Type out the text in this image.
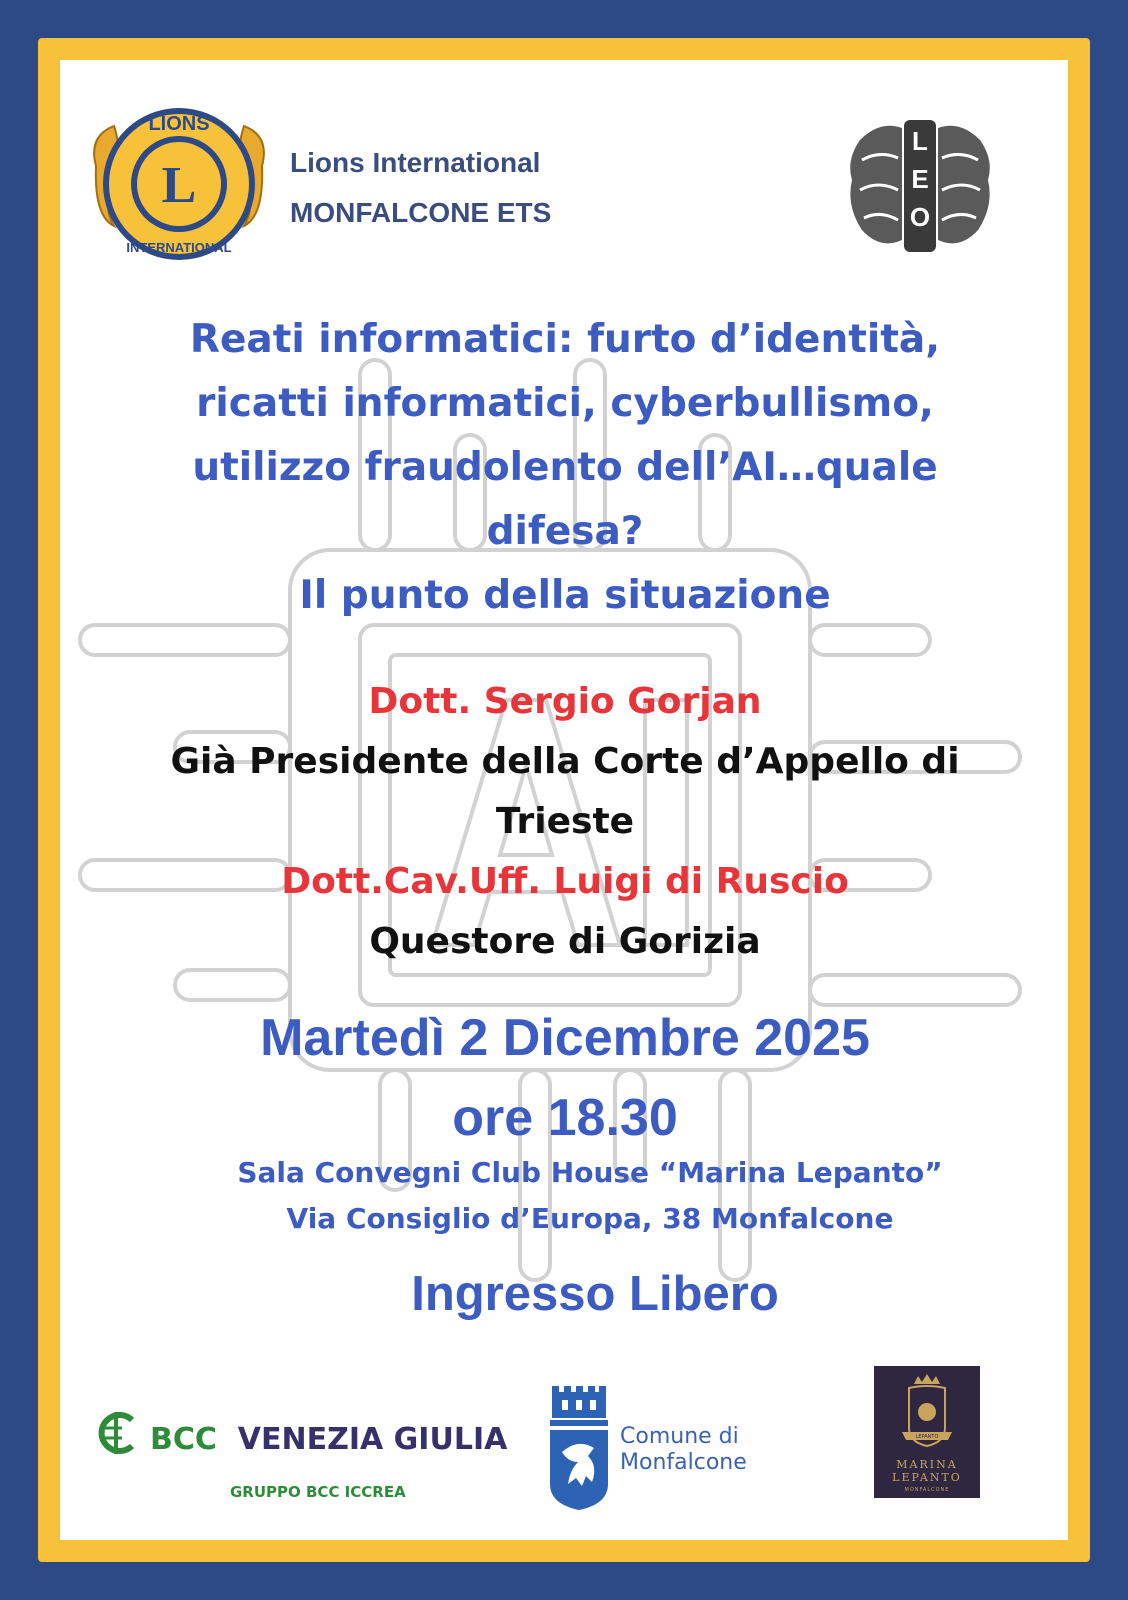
L
LIONS
INTERNATIONAL
Lions International
MONFALCONE ETS
L
E
O
Reati informatici: furto d’identità,
ricatti informatici, cyberbullismo,
utilizzo fraudolento dell’AI…quale
difesa?
Il punto della situazione
Dott. Sergio Gorjan
Già Presidente della Corte d’Appello di
Trieste
Dott.Cav.Uff. Luigi di Ruscio
Questore di Gorizia
Martedì 2 Dicembre 2025
ore 18.30
Sala Convegni Club House “Marina Lepanto”
Via Consiglio d’Europa, 38 Monfalcone
Ingresso Libero
BCC VENEZIA GIULIA
GRUPPO BCC ICCREA
Comune di
Monfalcone
LEPANTO
MARINA
LEPANTO
MONFALCONE
